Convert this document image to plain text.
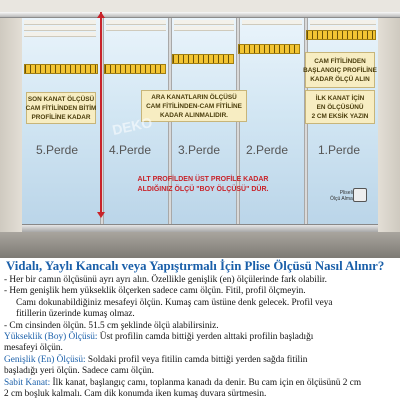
SON KANAT ÖLÇÜSÜ
CAM FİTİLİNDEN BİTİM
PROFİLİNE KADAR
ARA KANATLARIN ÖLÇÜSÜ
CAM FİTİLİNDEN-CAM FİTİLİNE
KADAR ALINMALIDIR.
CAM FİTİLİNDEN
BAŞLANGIÇ PROFİLİNE
KADAR ÖLÇÜ ALIN
İLK KANAT İÇİN
EN ÖLÇÜSÜNÜ
2 CM EKSİK YAZIN
DEKO
5.Perde	4.Perde 3.Perde 2.Perde 1.Perde
ALT PROFİLDEN ÜST PROFİLE KADAR
ALDIĞINIZ ÖLÇÜ "BOY ÖLÇÜSÜ" DÜR.	Pliseli
Ölçü Alma
Vidalı, Yaylı Kancalı veya Yapıştırmalı İçin Plise Ölçüsü Nasıl Alınır?
- Her bir camın ölçüsünü ayrı ayrı alın. Özellikle genişlik (en) ölçülerinde fark olabilir.
- Hem genişlik hem yükseklik ölçerken sadece camı ölçün. Fitil, profil ölçmeyin.
Camı dokunabildiğiniz mesafeyi ölçün. Kumaş cam üstüne denk gelecek. Profil veya
fitillerin üzerinde kumaş olmaz.
- Cm cinsinden ölçün. 51.5 cm şeklinde ölçü alabilirsiniz.
Yükseklik (Boy) Ölçüsü: Üst profilin camda bittiği yerden alttaki profilin başladığı
mesafeyi ölçün.
Genişlik (En) Ölçüsü: Soldaki profil veya fitilin camda bittiği yerden sağda fitilin
başladığı yeri ölçün. Sadece camı ölçün.
Sabit Kanat: İlk kanat, başlangıç camı, toplanma kanadı da denir. Bu cam için en ölçüsünü 2 cm
2 cm boşluk kalmalı. Cam dik konumda iken kumaş duvara sürtmesin.
